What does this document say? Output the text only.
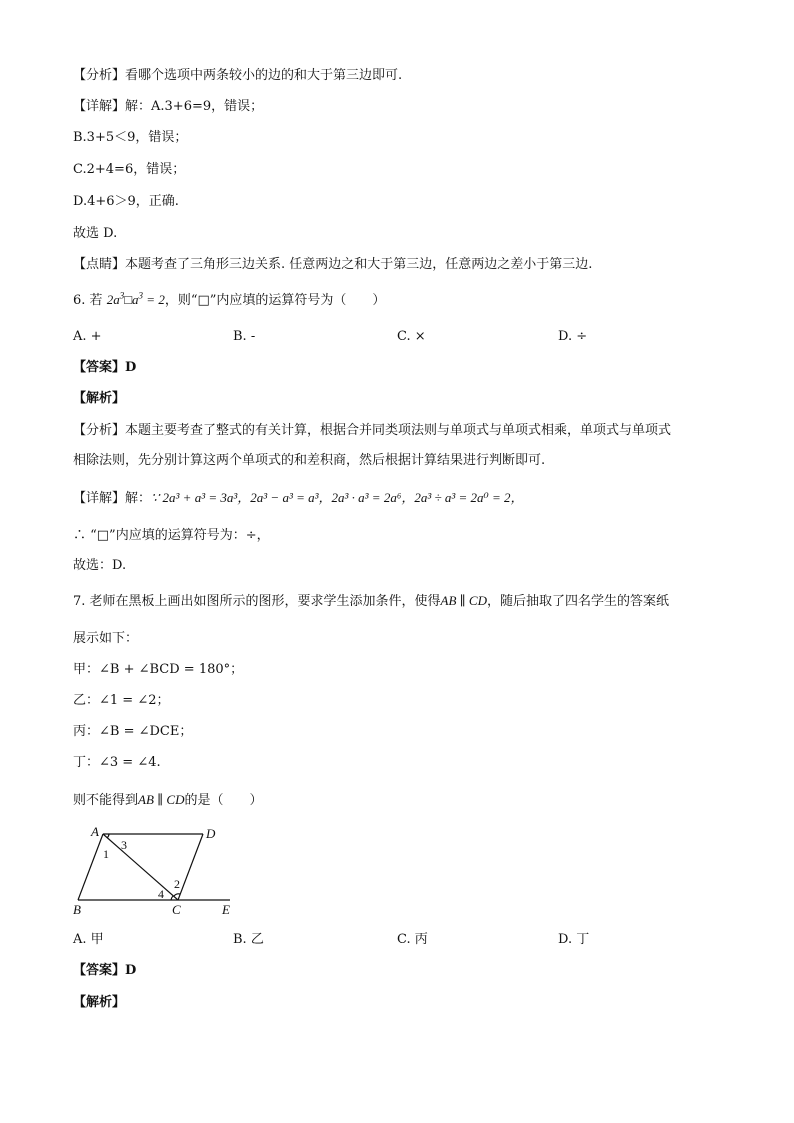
【分析】看哪个选项中两条较小的边的和大于第三边即可.
【详解】解：A.3+6=9，错误；
B.3+5＜9，错误；
C.2+4=6，错误；
D.4+6＞9，正确.
故选 D.
【点睛】本题考查了三角形三边关系. 任意两边之和大于第三边，任意两边之差小于第三边.
6. 若 $2a^3□a^3 = 2$，则“□”内应填的运算符号为（　　）
A. +	B. -	C. ×	D. ÷
【答案】D
【解析】
【分析】本题主要考查了整式的有关计算，根据合并同类项法则与单项式与单项式相乘，单项式与单项式
相除法则，先分别计算这两个单项式的和差积商，然后根据计算结果进行判断即可.
【详解】解：∵ 2a³ + a³ = 3a³，2a³ − a³ = a³，2a³ · a³ = 2a⁶，2a³ ÷ a³ = 2a⁰ = 2，
∴ “□”内应填的运算符号为：÷，
故选：D.
7. 老师在黑板上画出如图所示的图形，要求学生添加条件，使得AB ∥ CD，随后抽取了四名学生的答案纸
展示如下：
甲：∠B + ∠BCD = 180°；
乙：∠1 = ∠2；
丙：∠B = ∠DCE；
丁：∠3 = ∠4.
则不能得到AB ∥ CD的是（　　）
A	D
B	C	E
1
3
2
4
A. 甲	B. 乙	C. 丙	D. 丁
【答案】D
【解析】
